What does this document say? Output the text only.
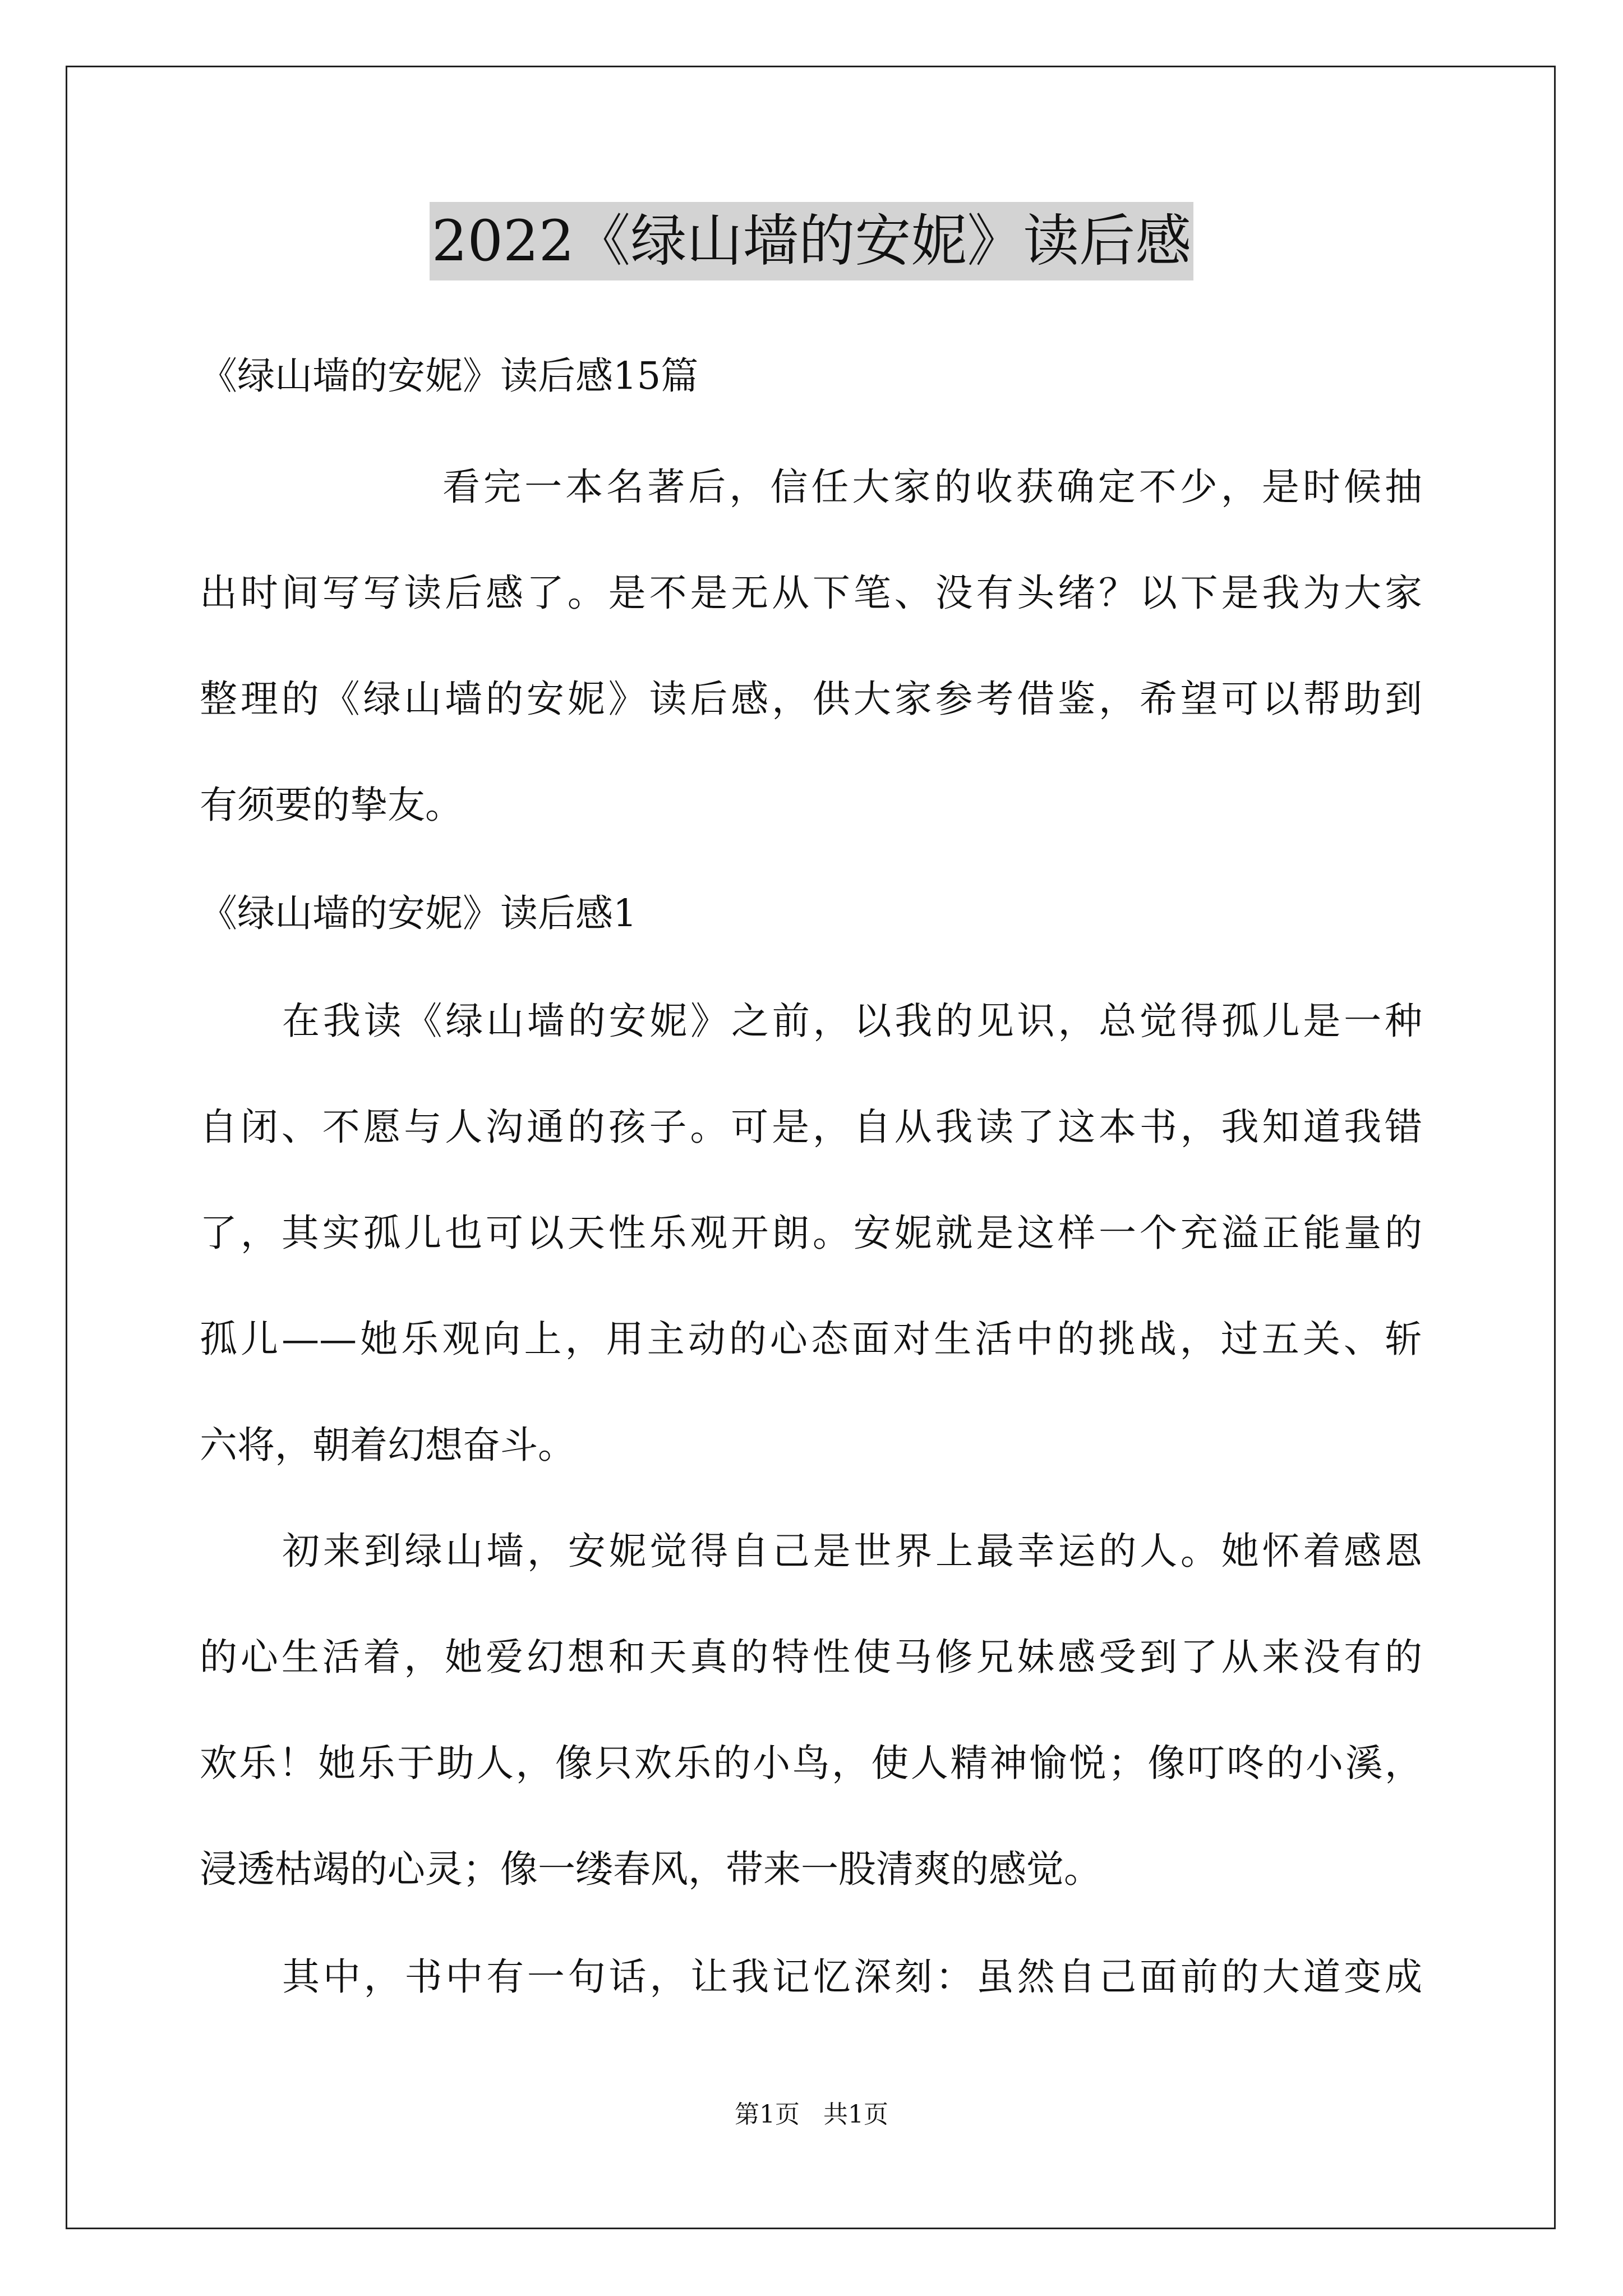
2022《绿山墙的安妮》读后感
《绿山墙的安妮》读后感15篇
看完一本名著后，信任大家的收获确定不少，是时候抽
出时间写写读后感了。是不是无从下笔、没有头绪？以下是我为大家
整理的《绿山墙的安妮》读后感，供大家参考借鉴，希望可以帮助到
有须要的挚友。
《绿山墙的安妮》读后感1
在我读《绿山墙的安妮》之前，以我的见识，总觉得孤儿是一种
自闭、不愿与人沟通的孩子。可是，自从我读了这本书，我知道我错
了，其实孤儿也可以天性乐观开朗。安妮就是这样一个充溢正能量的
孤儿——她乐观向上，用主动的心态面对生活中的挑战，过五关、斩
六将，朝着幻想奋斗。
初来到绿山墙，安妮觉得自己是世界上最幸运的人。她怀着感恩
的心生活着，她爱幻想和天真的特性使马修兄妹感受到了从来没有的
欢乐！她乐于助人，像只欢乐的小鸟，使人精神愉悦；像叮咚的小溪，
浸透枯竭的心灵；像一缕春风，带来一股清爽的感觉。
其中，书中有一句话，让我记忆深刻：虽然自己面前的大道变成
第1页   共1页
